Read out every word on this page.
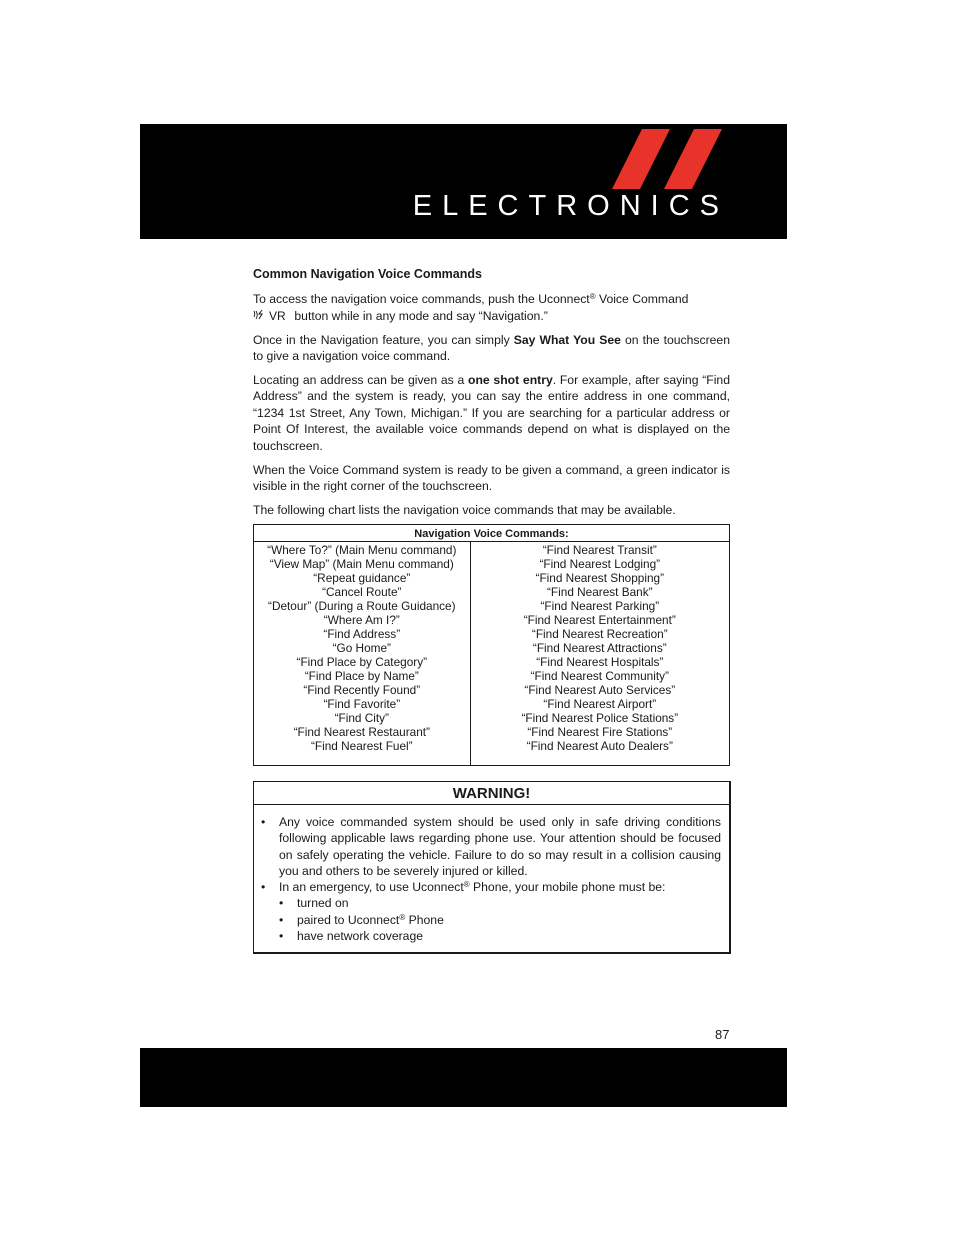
ELECTRONICS
Common Navigation Voice Commands

To access the navigation voice commands, push the Uconnect® Voice Command

VR button while in any mode and say “Navigation.”

Once in the Navigation feature, you can simply Say What You See on the touchscreen to give a navigation voice command.

Locating an address can be given as a one shot entry. For example, after saying “Find Address” and the system is ready, you can say the entire address in one command, “1234 1st Street, Any Town, Michigan.” If you are searching for a particular address or Point Of Interest, the available voice commands depend on what is displayed on the touchscreen.

When the Voice Command system is ready to be given a command, a green indicator is visible in the right corner of the touchscreen.

The following chart lists the navigation voice commands that may be available.

Navigation Voice Commands:

“Where To?” (Main Menu command)
“View Map” (Main Menu command)
“Repeat guidance”
“Cancel Route”
“Detour” (During a Route Guidance)
“Where Am I?”
“Find Address”
“Go Home”
“Find Place by Category”
“Find Place by Name”
“Find Recently Found”
“Find Favorite”
“Find City”
“Find Nearest Restaurant”
“Find Nearest Fuel”

“Find Nearest Transit”
“Find Nearest Lodging”
“Find Nearest Shopping”
“Find Nearest Bank”
“Find Nearest Parking”
“Find Nearest Entertainment”
“Find Nearest Recreation”
“Find Nearest Attractions”
“Find Nearest Hospitals”
“Find Nearest Community”
“Find Nearest Auto Services”
“Find Nearest Airport”
“Find Nearest Police Stations”
“Find Nearest Fire Stations”
“Find Nearest Auto Dealers”
WARNING!
• Any voice commanded system should be used only in safe driving conditions following applicable laws regarding phone use. Your attention should be focused on safely operating the vehicle. Failure to do so may result in a collision causing you and others to be severely injured or killed.
• In an emergency, to use Uconnect® Phone, your mobile phone must be:
• turned on
• paired to Uconnect® Phone
• have network coverage
87
